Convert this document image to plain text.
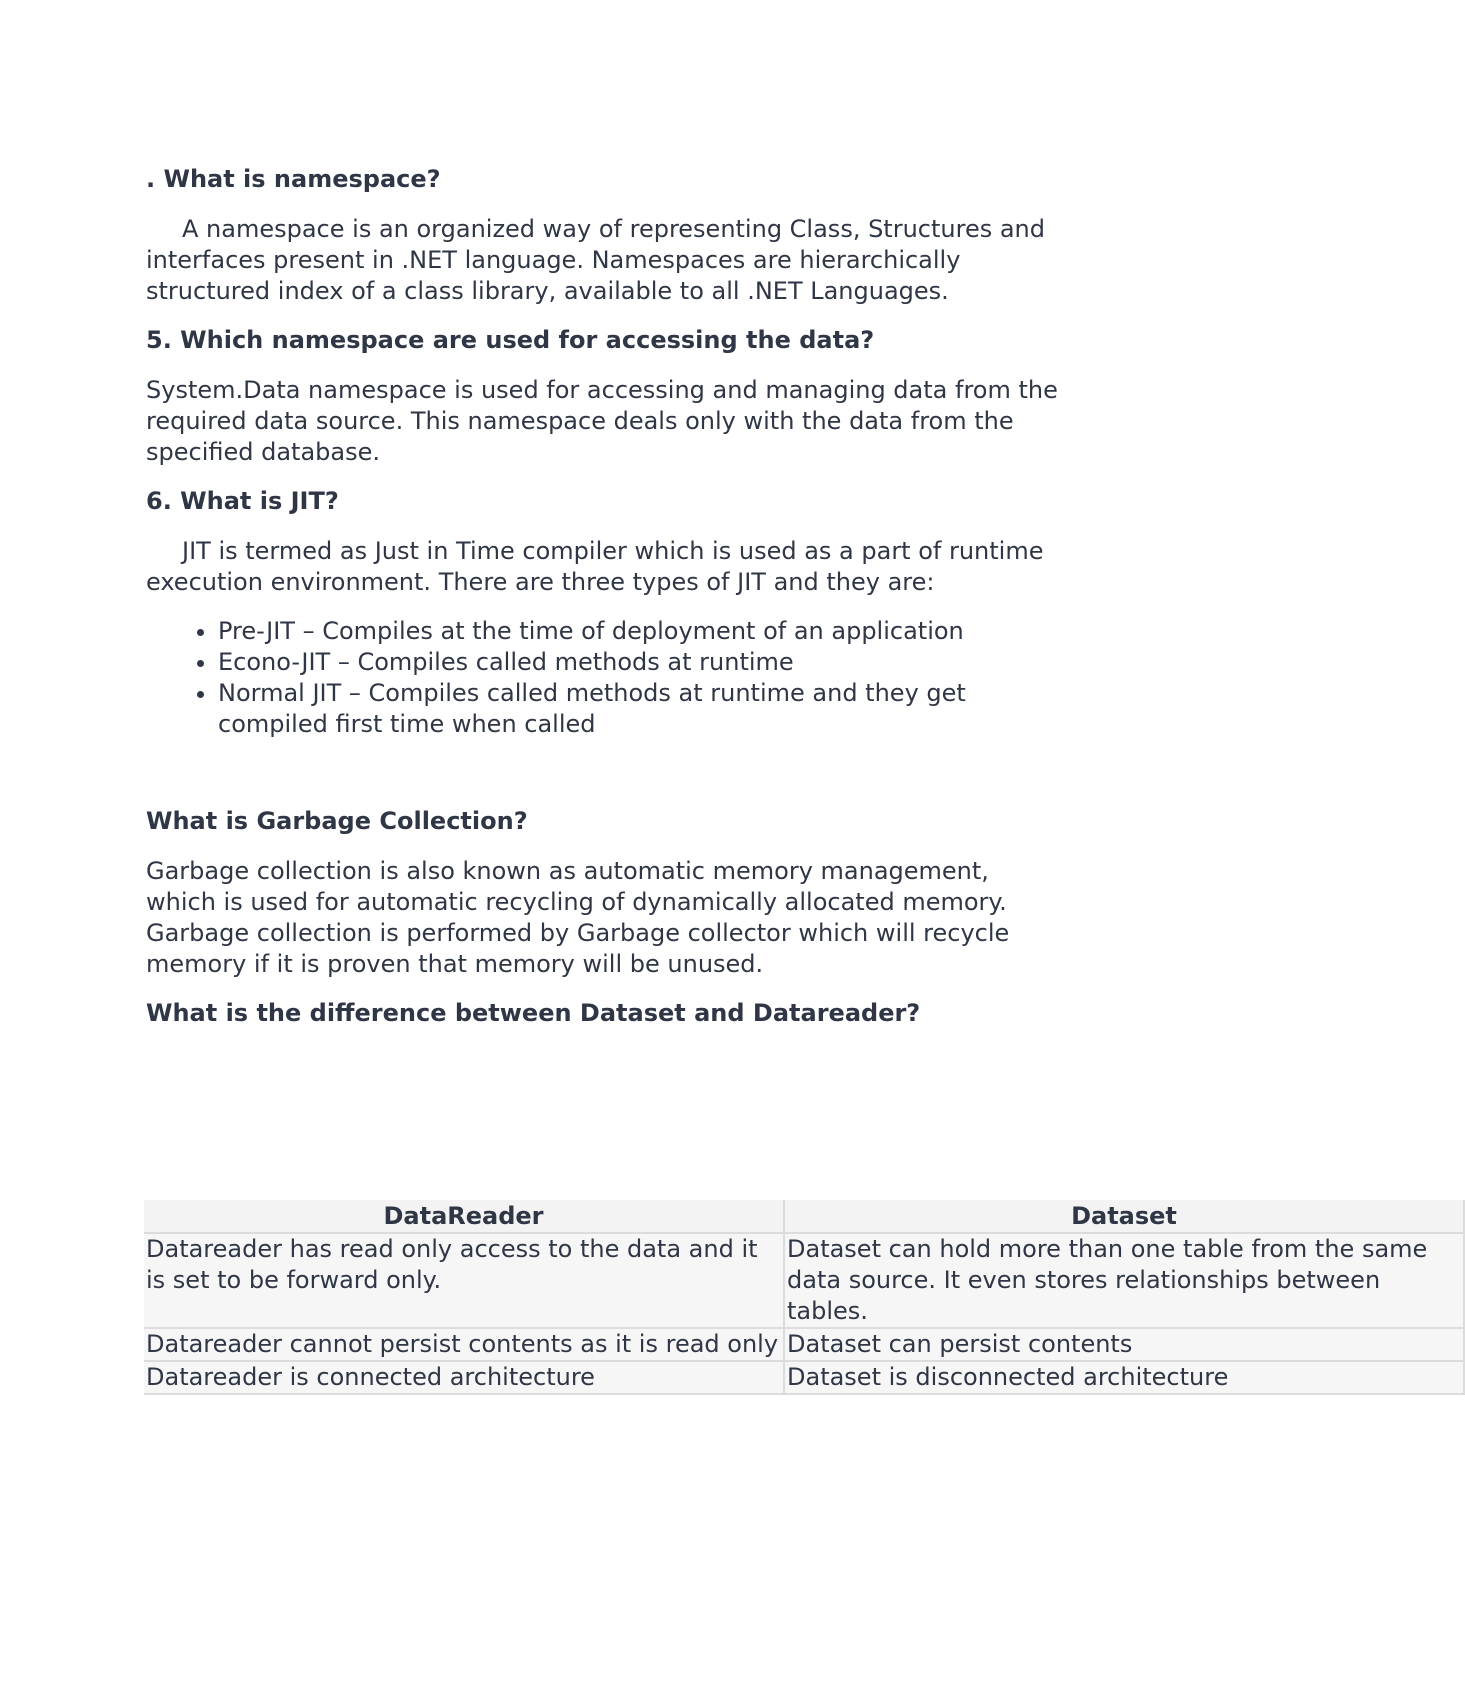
. What is namespace?
A namespace is an organized way of representing Class, Structures and interfaces present in .NET language. Namespaces are hierarchically structured index of a class library, available to all .NET Languages.
5. Which namespace are used for accessing the data?
System.Data namespace is used for accessing and managing data from the required data source. This namespace deals only with the data from the specified database.
6. What is JIT?
JIT is termed as Just in Time compiler which is used as a part of runtime execution environment. There are three types of JIT and they are:
• Pre-JIT – Compiles at the time of deployment of an application
• Econo-JIT – Compiles called methods at runtime
• Normal JIT – Compiles called methods at runtime and they get compiled first time when called
What is Garbage Collection?
Garbage collection is also known as automatic memory management, which is used for automatic recycling of dynamically allocated memory. Garbage collection is performed by Garbage collector which will recycle memory if it is proven that memory will be unused.
What is the difference between Dataset and Datareader?
DataReader	Dataset
Datareader has read only access to the data and it is set to be forward only.	Dataset can hold more than one table from the same data source. It even stores relationships between tables.
Datareader cannot persist contents as it is read only	Dataset can persist contents
Datareader is connected architecture	Dataset is disconnected architecture
